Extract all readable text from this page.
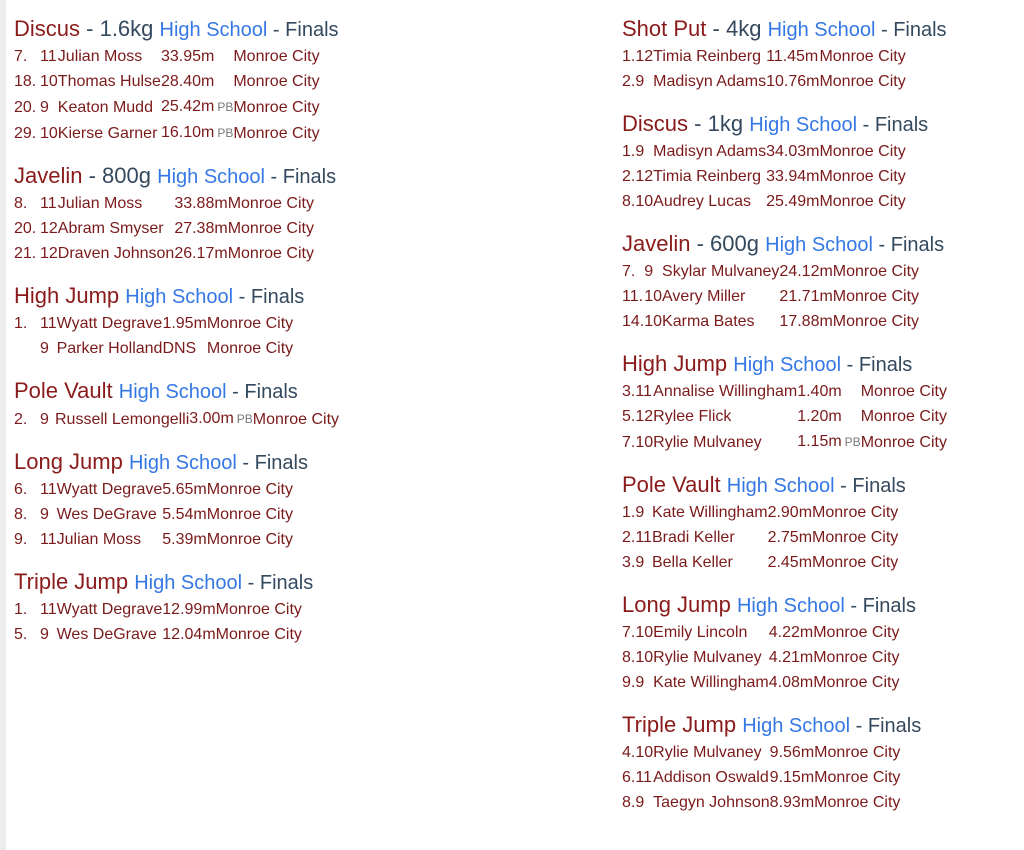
Discus - 1.6kg High School - Finals
7.	11	Julian Moss	33.95m	Monroe City
18.	10	Thomas Hulse	28.40m	Monroe City
20.	9	Keaton Mudd	25.42m PB	Monroe City
29.	10	Kierse Garner	16.10m PB	Monroe City
Javelin - 800g High School - Finals
8.	11	Julian Moss	33.88m	Monroe City
20.	12	Abram Smyser	27.38m	Monroe City
21.	12	Draven Johnson	26.17m	Monroe City
High Jump High School - Finals
1.	11	Wyatt Degrave	1.95m	Monroe City
	9	Parker Holland	DNS	Monroe City
Pole Vault High School - Finals
2.	9	Russell Lemongelli	3.00m PB	Monroe City
Long Jump High School - Finals
6.	11	Wyatt Degrave	5.65m	Monroe City
8.	9	Wes DeGrave	5.54m	Monroe City
9.	11	Julian Moss	5.39m	Monroe City
Triple Jump High School - Finals
1.	11	Wyatt Degrave	12.99m	Monroe City
5.	9	Wes DeGrave	12.04m	Monroe City
Shot Put - 4kg High School - Finals
1.	12	Timia Reinberg	11.45m	Monroe City
2.	9	Madisyn Adams	10.76m	Monroe City
Discus - 1kg High School - Finals
1.	9	Madisyn Adams	34.03m	Monroe City
2.	12	Timia Reinberg	33.94m	Monroe City
8.	10	Audrey Lucas	25.49m	Monroe City
Javelin - 600g High School - Finals
7.	9	Skylar Mulvaney	24.12m	Monroe City
11.	10	Avery Miller	21.71m	Monroe City
14.	10	Karma Bates	17.88m	Monroe City
High Jump High School - Finals
3.	11	Annalise Willingham	1.40m	Monroe City
5.	12	Rylee Flick	1.20m	Monroe City
7.	10	Rylie Mulvaney	1.15m PB	Monroe City
Pole Vault High School - Finals
1.	9	Kate Willingham	2.90m	Monroe City
2.	11	Bradi Keller	2.75m	Monroe City
3.	9	Bella Keller	2.45m	Monroe City
Long Jump High School - Finals
7.	10	Emily Lincoln	4.22m	Monroe City
8.	10	Rylie Mulvaney	4.21m	Monroe City
9.	9	Kate Willingham	4.08m	Monroe City
Triple Jump High School - Finals
4.	10	Rylie Mulvaney	9.56m	Monroe City
6.	11	Addison Oswald	9.15m	Monroe City
8.	9	Taegyn Johnson	8.93m	Monroe City
